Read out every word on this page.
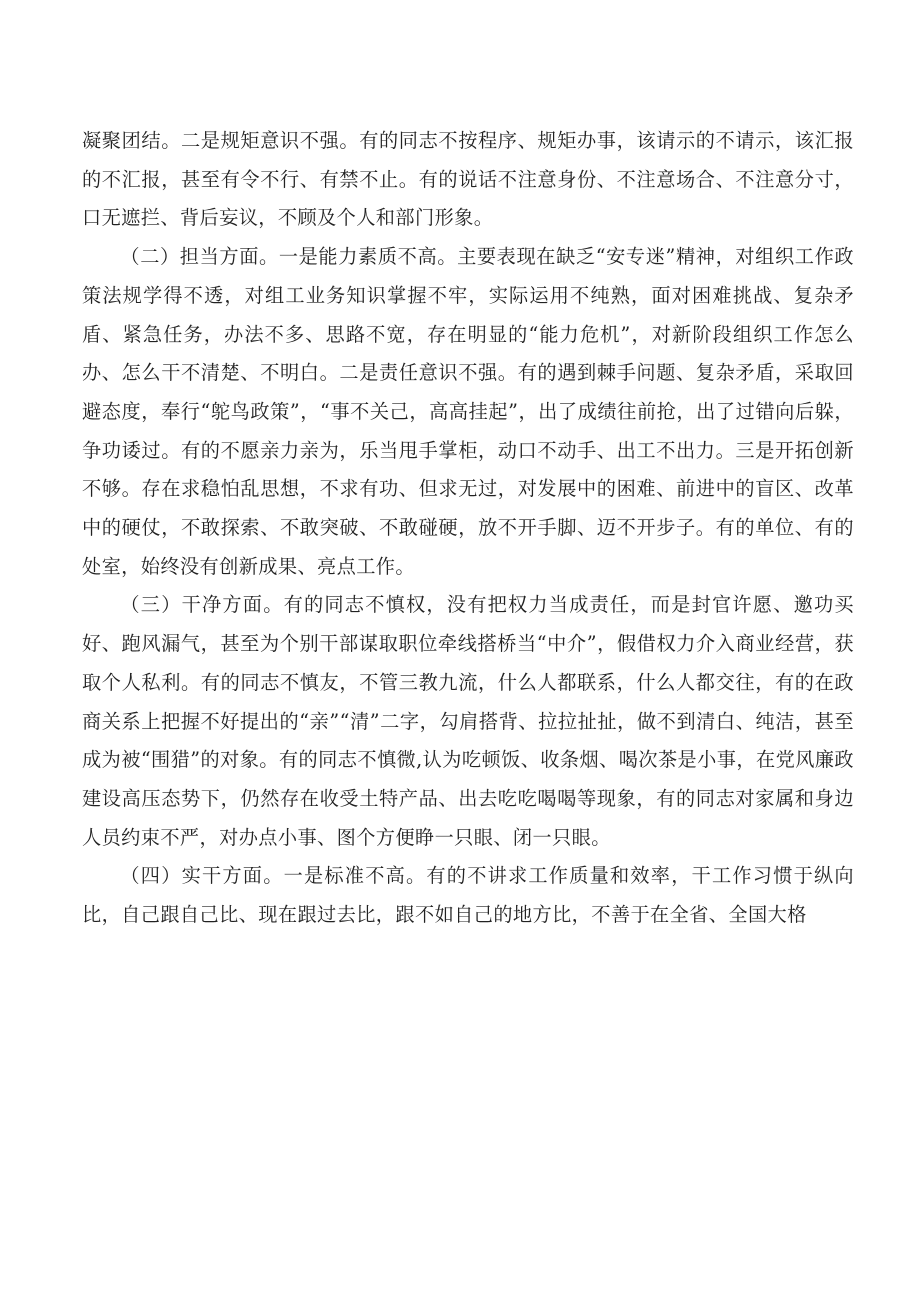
凝聚团结。二是规矩意识不强。有的同志不按程序、规矩办事，该请示的不请示，该汇报的不汇报，甚至有令不行、有禁不止。有的说话不注意身份、不注意场合、不注意分寸，口无遮拦、背后妄议，不顾及个人和部门形象。

（二）担当方面。一是能力素质不高。主要表现在缺乏“安专迷”精神，对组织工作政策法规学得不透，对组工业务知识掌握不牢，实际运用不纯熟，面对困难挑战、复杂矛盾、紧急任务，办法不多、思路不宽，存在明显的“能力危机”，对新阶段组织工作怎么办、怎么干不清楚、不明白。二是责任意识不强。有的遇到棘手问题、复杂矛盾，采取回避态度，奉行“鸵鸟政策”，“事不关己，高高挂起”，出了成绩往前抢，出了过错向后躲，争功诿过。有的不愿亲力亲为，乐当甩手掌柜，动口不动手、出工不出力。三是开拓创新不够。存在求稳怕乱思想，不求有功、但求无过，对发展中的困难、前进中的盲区、改革中的硬仗，不敢探索、不敢突破、不敢碰硬，放不开手脚、迈不开步子。有的单位、有的处室，始终没有创新成果、亮点工作。

（三）干净方面。有的同志不慎权，没有把权力当成责任，而是封官许愿、邀功买好、跑风漏气，甚至为个别干部谋取职位牵线搭桥当“中介”，假借权力介入商业经营，获取个人私利。有的同志不慎友，不管三教九流，什么人都联系，什么人都交往，有的在政商关系上把握不好提出的“亲”“清”二字，勾肩搭背、拉拉扯扯，做不到清白、纯洁，甚至成为被“围猎”的对象。有的同志不慎微,认为吃顿饭、收条烟、喝次茶是小事，在党风廉政建设高压态势下，仍然存在收受土特产品、出去吃吃喝喝等现象，有的同志对家属和身边人员约束不严，对办点小事、图个方便睁一只眼、闭一只眼。

（四）实干方面。一是标准不高。有的不讲求工作质量和效率，干工作习惯于纵向比，自己跟自己比、现在跟过去比，跟不如自己的地方比，不善于在全省、全国大格
